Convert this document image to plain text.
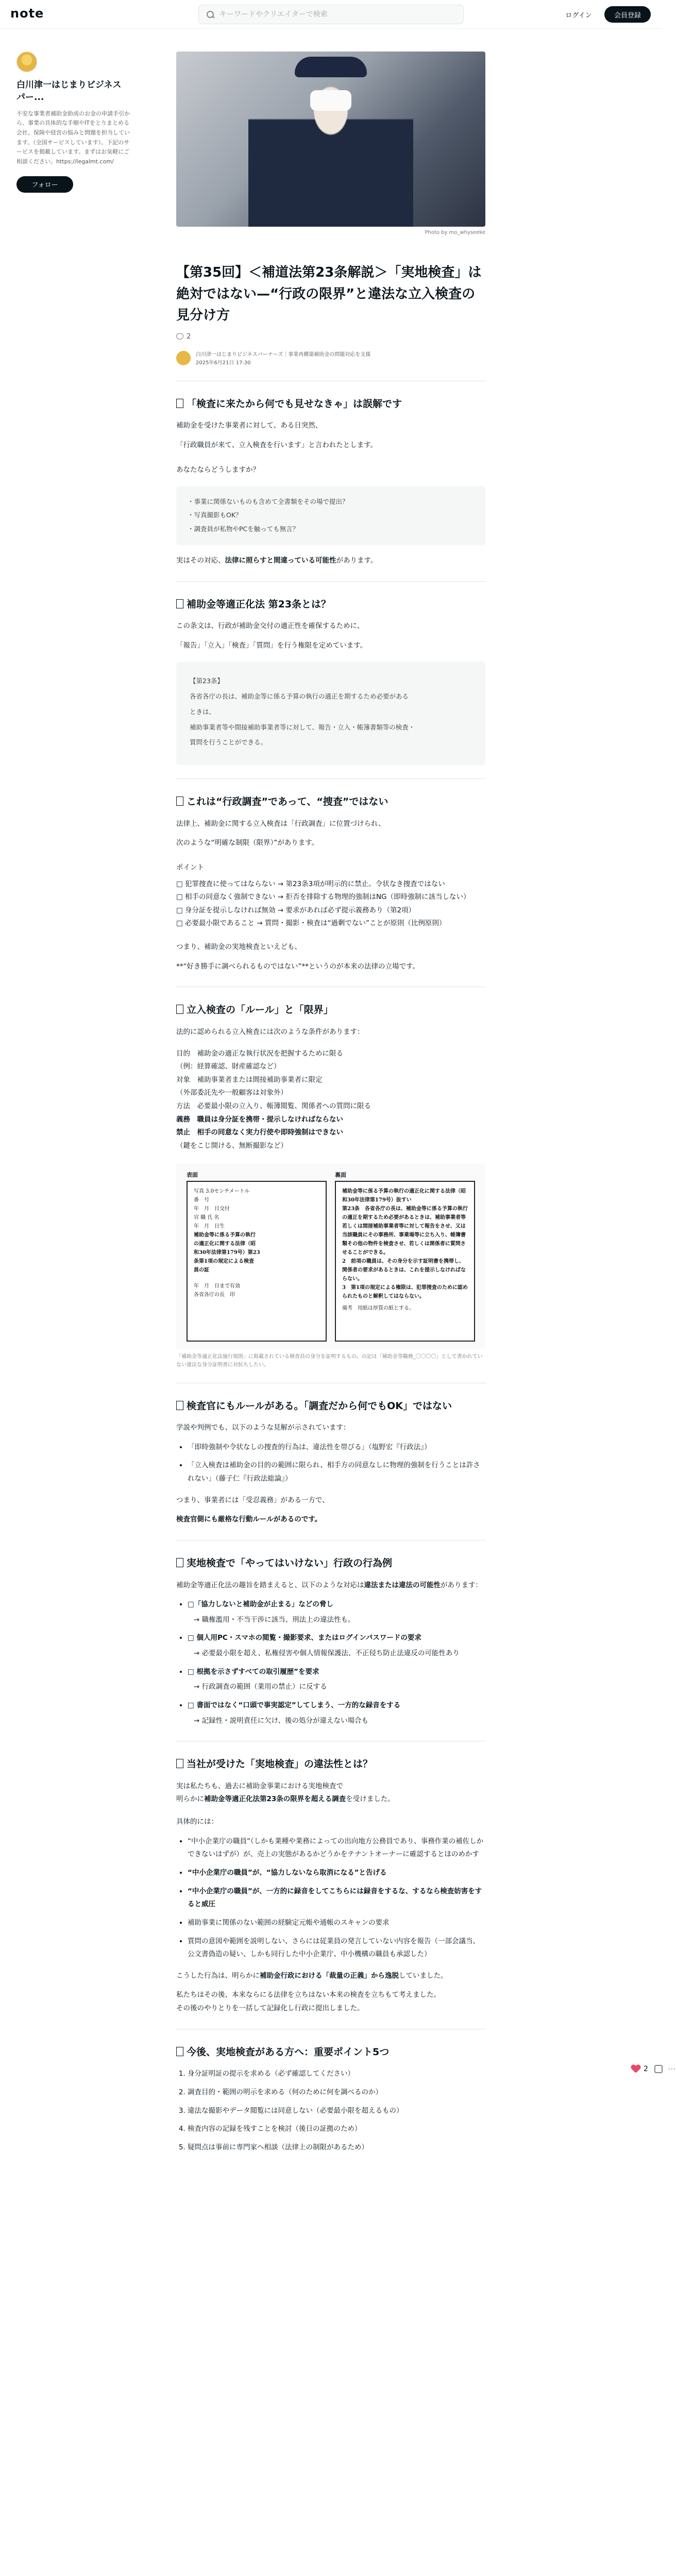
note
キーワードやクリエイターで検索	ログイン	会員登録
白川津一はじまりビジネスパー...
不安な事業者補助金助成のお金の申請手引から、事業の具体的な手順やITをとりまとめる会社。保険や経営の悩みと問題を担当しています。（全国サービスしています）。下記のサービスを掲載しています。まずはお気軽にご相談ください。https://legalmt.com/
フォロー
2 ⋯
Photo by mo_whyseeke
【第35回】＜補道法第23条解説＞「実地検査」は絶対ではない—“行政の限界”と違法な立入検査の見分け方
2
白川津一はじまりビジネスパーナーズ｜事業再構築補助金の問題対応を支援
2025年6月21日 17:30
「検査に来たから何でも見せなきゃ」は誤解です

補助金を受けた事業者に対して、ある日突然、

「行政職員が来て、立入検査を行います」と言われたとします。

あなたならどうしますか？

・事業に関係ないものも含めて全書類をその場で提出？
・写真撮影もOK？
・調査員が私物やPCを触っても無言？

実はその対応、法律に照らすと間違っている可能性があります。

補助金等適正化法 第23条とは？

この条文は、行政が補助金交付の適正性を確保するために、

「報告」「立入」「検査」「質問」を行う権限を定めています。

【第23条】

各省各庁の長は、補助金等に係る予算の執行の適正を期するため必要がある

ときは、

補助事業者等や間接補助事業者等に対して、報告・立入・帳簿書類等の検査・

質問を行うことができる。

これは“行政調査”であって、“捜査”ではない

法律上、補助金に関する立入検査は「行政調査」に位置づけられ、

次のような“明確な制限（限界）”があります。

ポイント

□ 犯罪捜査に使ってはならない → 第23条3項が明示的に禁止。令状なき捜査ではない
□ 相手の同意なく強制できない → 拒否を排除する物理的強制はNG（即時強制に該当しない）
□ 身分証を提示しなければ無効 → 要求があれば必ず提示義務あり（第2項）
□ 必要最小限であること → 質問・撮影・検査は“過剰でない”ことが原則（比例原則）

つまり、補助金の実地検査といえども、

**“好き勝手に調べられるものではない”**というのが本来の法律の立場です。

立入検査の「ルール」と「限界」

法的に認められる立入検査には次のような条件があります：

目的　補助金の適正な執行状況を把握するために限る
（例：経算確認、財産確認など）
対象　補助事業者または間接補助事業者に限定
（外部委託先や一般顧客は対象外）
方法　必要最小限の立入り、帳簿閲覧、関係者への質問に限る
義務　職員は身分証を携帯・提示しなければならない
禁止　相手の同意なく実力行使や即時強制はできない
（鍵をこじ開ける、無断撮影など）
表面
写真 3.0センチメートル
番　号
年　月　日交付
官 職 氏 名
年　月　日生
補助金等に係る予算の執行
の適正化に関する法律（昭
和30年法律第179号）第23
条第1項の規定による検査
員の証
年　月　日まで有効
各省各庁の長　印
裏面
補助金等に係る予算の執行の適正化に関する法律（昭和30年法律第179号）抜すい
第23条　各省各庁の長は、補助金等に係る予算の執行の適正を期するため必要があるときは、補助事業者等若しくは間接補助事業者等に対して報告をさせ、又は当該職員にその事務所、事業場等に立ち入り、帳簿書類その他の物件を検査させ、若しくは関係者に質問させることができる。
2　前項の職員は、その身分を示す証明書を携帯し、関係者の要求があるときは、これを提示しなければならない。
3　第1項の規定による権限は、犯罪捜査のために認められたものと解釈してはならない。
備考　用紙は厚質の紙とする。
「補助金等適正化法施行規則」に掲載されている検査員の身分を証明するもの。の記は「補助金等職務_〇〇〇〇」として書かれていない違法な身分証明書に対抗ちしたい。
検査官にもルールがある。「調査だから何でもOK」ではない

学説や判例でも、以下のような見解が示されています：

• 「即時強制や令状なしの捜査的行為は、違法性を帯びる」（塩野宏『行政法』）
• 「立入検査は補助金の目的の範囲に限られ、相手方の同意なしに物理的強制を行うことは許されない」（藤子仁『行政法総論』）

つまり、事業者には「受忍義務」がある一方で、

検査官側にも厳格な行動ルールがあるのです。

実地検査で「やってはいけない」行政の行為例

補助金等適正化法の趣旨を踏まえると、以下のような対応は違法または違法の可能性があります：

• □「協力しないと補助金が止まる」などの脅し
→ 職権濫用・不当干渉に該当、刑法上の違法性も。
• □ 個人用PC・スマホの閲覧・撮影要求、またはログインパスワードの要求
→ 必要最小限を超え、私権侵害や個人情報保護法、不正侵ち防止法違反の可能性あり
• □ 根拠を示さずすべての取引履歴”を要求
→ 行政調査の範囲（業用の禁止）に反する
• □ 書面ではなく“口頭で事実認定”してしまう、一方的な録音をする
→ 記録性・説明責任に欠け、後の処分が違えない場合も
当社が受けた「実地検査」の違法性とは？

実は私たちも、過去に補助金事業における実地検査で

明らかに補助金等適正化法第23条の限界を超える調査を受けました。

具体的には：

• “中小企業庁の職員”（しかも業種や業務によっての出向地方公務員であり、事務作業の補佐しかできないはずが）が、売上の実態があるかどうかをテナントオーナーに確認するとほのめかす
• “中小企業庁の職員”が、“協力しないなら取消になる”と告げる
• “中小企業庁の職員”が、一方的に録音をしてこちらには録音をするな、するなら検査妨害をすると威圧
• 補助事業に関係のない範囲の経験定元帳や通帳のスキャンの要求
• 質問の意図や範囲を説明しない、さらには従業員の発言していない内容を報告（一部会議当、公文書偽造の疑い、しかも同行した中小企業庁、中小機構の職員も承認した）

こうした行為は、明らかに補助金行政における「裁量の正義」から逸脱していました。

私たちはその後、本来ならにる法律を立ちはない本来の検査を立ちもて考えました。

その後のやりとりを一括して記録化し行政に提出しました。

今後、実地検査がある方へ：重要ポイント5つ
1. 身分証明証の提示を求める（必ず確認してください）
2. 調査目的・範囲の明示を求める（何のために何を調べるのか）
3. 違法な撮影やデータ閲覧には同意しない（必要最小限を超えるもの）
4. 検査内容の記録を残すことを検討（後日の証拠のため）
5. 疑問点は事前に専門家へ相談（法律上の制限があるため）
